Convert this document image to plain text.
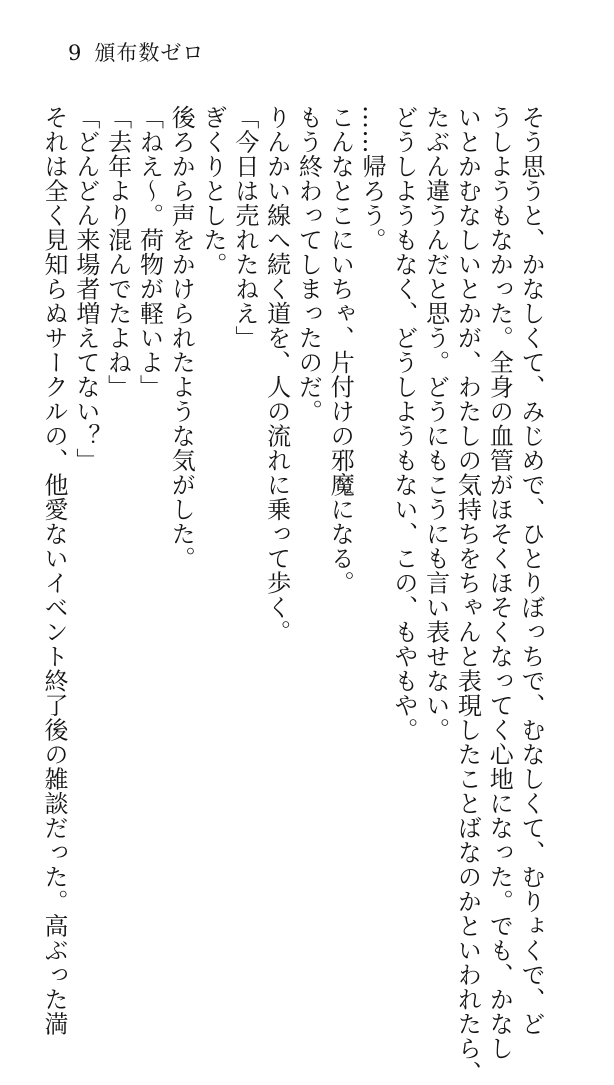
9 頒布数ゼロ
そう思うと、かなしくて、みじめで、ひとりぼっちで、むなしくて、むりょくで、ど
うしようもなかった。全身の血管がほそくほそくなってく心地になった。でも、かなし
いとかむなしいとかが、わたしの気持ちをちゃんと表現したことばなのかといわれたら、
たぶん違うんだと思う。どうにもこうにも言い表せない。
どうしようもなく、どうしようもない、この、もやもや。
……帰ろう。
こんなとこにいちゃ、片付けの邪魔になる。
もう終わってしまったのだ。
りんかい線へ続く道を、人の流れに乗って歩く。
「今日は売れたねえ」
ぎくりとした。
後ろから声をかけられたような気がした。
「ねえ～。荷物が軽いよ」
「去年より混んでたよね」
「どんどん来場者増えてない？」
それは全く見知らぬサークルの、他愛ないイベント終了後の雑談だった。高ぶった満
